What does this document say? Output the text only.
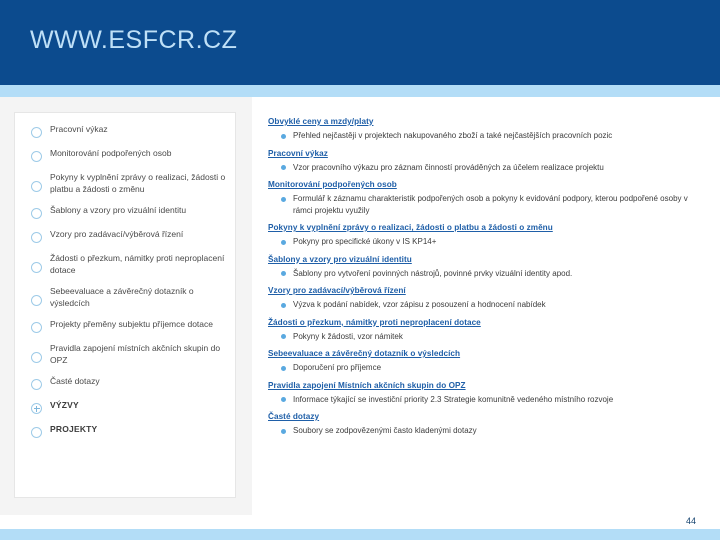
WWW.ESFCR.CZ
Pracovní výkaz
Monitorování podpořených osob
Pokyny k vyplnění zprávy o realizaci, žádosti o platbu a žádosti o změnu
Šablony a vzory pro vizuální identitu
Vzory pro zadávací/výběrová řízení
Žádosti o přezkum, námitky proti neproplacení dotace
Sebeevaluace a závěrečný dotazník o výsledcích
Projekty přeměny subjektu příjemce dotace
Pravidla zapojení místních akčních skupin do OPZ
Časté dotazy
VÝZVY
PROJEKTY
Obvyklé ceny a mzdy/platy
Přehled nejčastěji v projektech nakupovaného zboží a také nejčastějších pracovních pozic
Pracovní výkaz
Vzor pracovního výkazu pro záznam činností prováděných za účelem realizace projektu
Monitorování podpořených osob
Formulář k záznamu charakteristik podpořených osob a pokyny k evidování podpory, kterou podpořené osoby v rámci projektu využily
Pokyny k vyplnění zprávy o realizaci, žádosti o platbu a žádosti o změnu
Pokyny pro specifické úkony v IS KP14+
Šablony a vzory pro vizuální identitu
Šablony pro vytvoření povinných nástrojů, povinné prvky vizuální identity apod.
Vzory pro zadávací/výběrová řízení
Výzva k podání nabídek, vzor zápisu z posouzení a hodnocení nabídek
Žádosti o přezkum, námitky proti neproplacení dotace
Pokyny k žádosti, vzor námitek
Sebeevaluace a závěrečný dotazník o výsledcích
Doporučení pro příjemce
Pravidla zapojení Místních akčních skupin do OPZ
Informace týkající se investiční priority 2.3 Strategie komunitně vedeného místního rozvoje
Časté dotazy
Soubory se zodpovězenými často kladenými dotazy
44
